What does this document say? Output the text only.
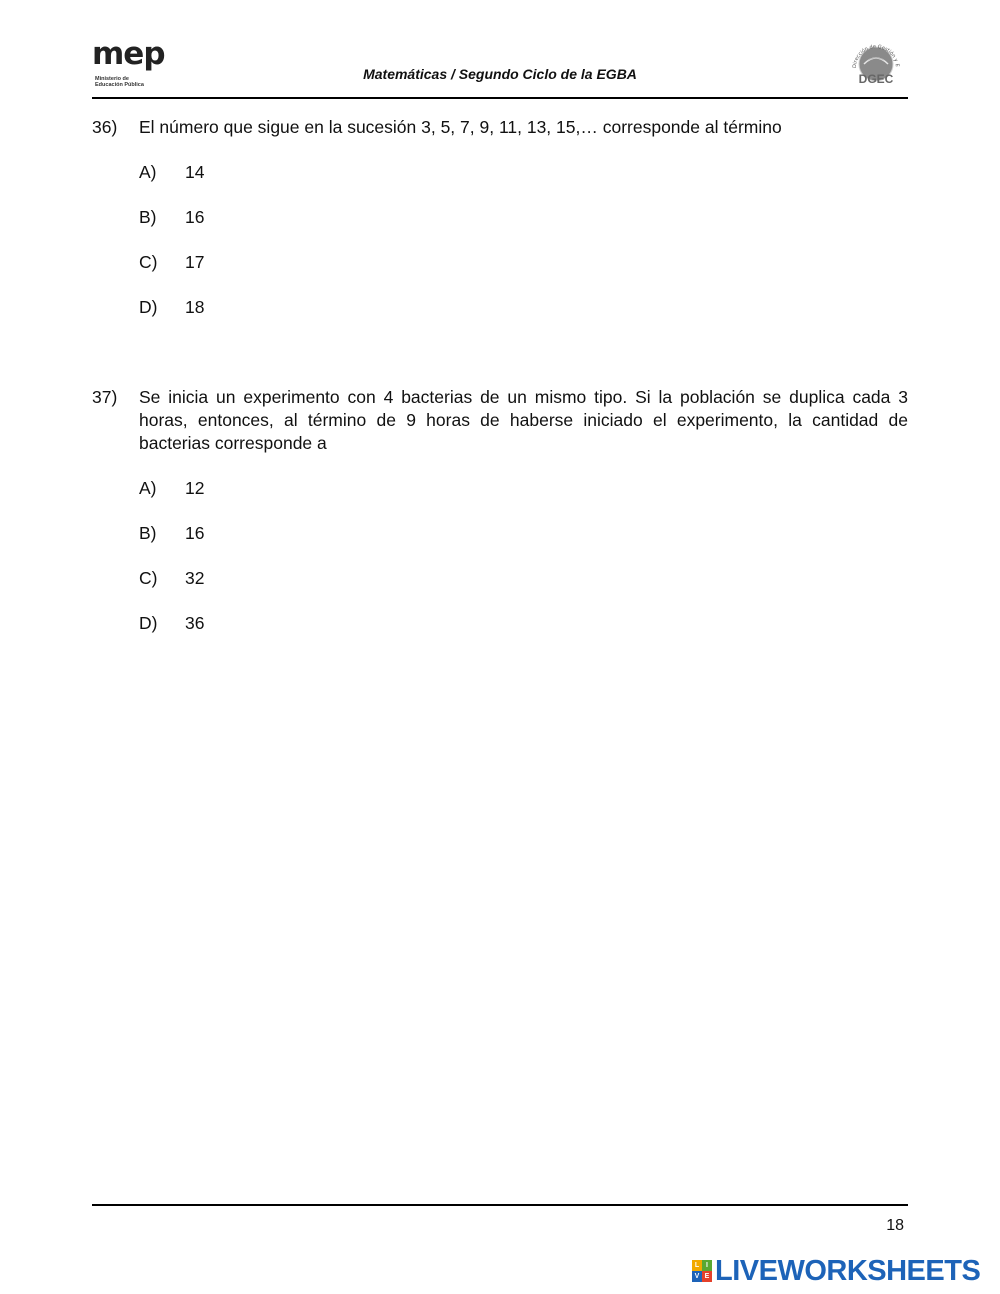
mep
Ministerio de
Educación Pública
Matemáticas / Segundo Ciclo de la EGBA	Dirección de Gestión y E
DGEC
36)	El número que sigue en la sucesión 3, 5, 7, 9, 11, 13, 15,… corresponde al término
A)	14
B)	16
C)	17
D)	18
37)	Se inicia un experimento con 4 bacterias de un mismo tipo. Si la población se duplica cada 3 horas, entonces, al término de 9 horas de haberse iniciado el experimento, la cantidad de bacterias corresponde a
A)	12
B)	16
C)	32
D)	36
18
L I
V E LIVEWORKSHEETS
